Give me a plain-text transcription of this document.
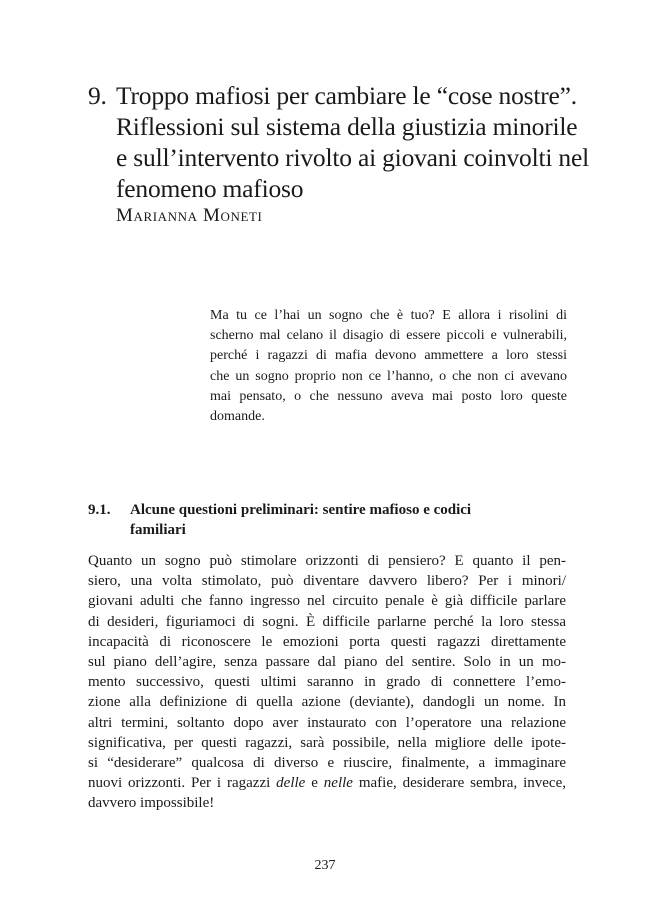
9. Troppo mafiosi per cambiare le “cose nostre”.
Riflessioni sul sistema della giustizia minorile
e sull’intervento rivolto ai giovani coinvolti nel
fenomeno mafioso
Marianna Moneti
Ma tu ce l’hai un sogno che è tuo? E allora i risolini di
scherno mal celano il disagio di essere piccoli e vulnerabili,
perché i ragazzi di mafia devono ammettere a loro stessi
che un sogno proprio non ce l’hanno, o che non ci avevano
mai pensato, o che nessuno aveva mai posto loro queste
domande.
9.1.	Alcune questioni preliminari: sentire mafioso e codici
familiari
Quanto un sogno può stimolare orizzonti di pensiero? E quanto il pen-
siero, una volta stimolato, può diventare davvero libero? Per i minori/
giovani adulti che fanno ingresso nel circuito penale è già difficile parlare
di desideri, figuriamoci di sogni. È difficile parlarne perché la loro stessa
incapacità di riconoscere le emozioni porta questi ragazzi direttamente
sul piano dell’agire, senza passare dal piano del sentire. Solo in un mo-
mento successivo, questi ultimi saranno in grado di connettere l’emo-
zione alla definizione di quella azione (deviante), dandogli un nome. In
altri termini, soltanto dopo aver instaurato con l’operatore una relazione
significativa, per questi ragazzi, sarà possibile, nella migliore delle ipote-
si “desiderare” qualcosa di diverso e riuscire, finalmente, a immaginare
nuovi orizzonti. Per i ragazzi delle e nelle mafie, desiderare sembra, invece,
davvero impossibile!
237
